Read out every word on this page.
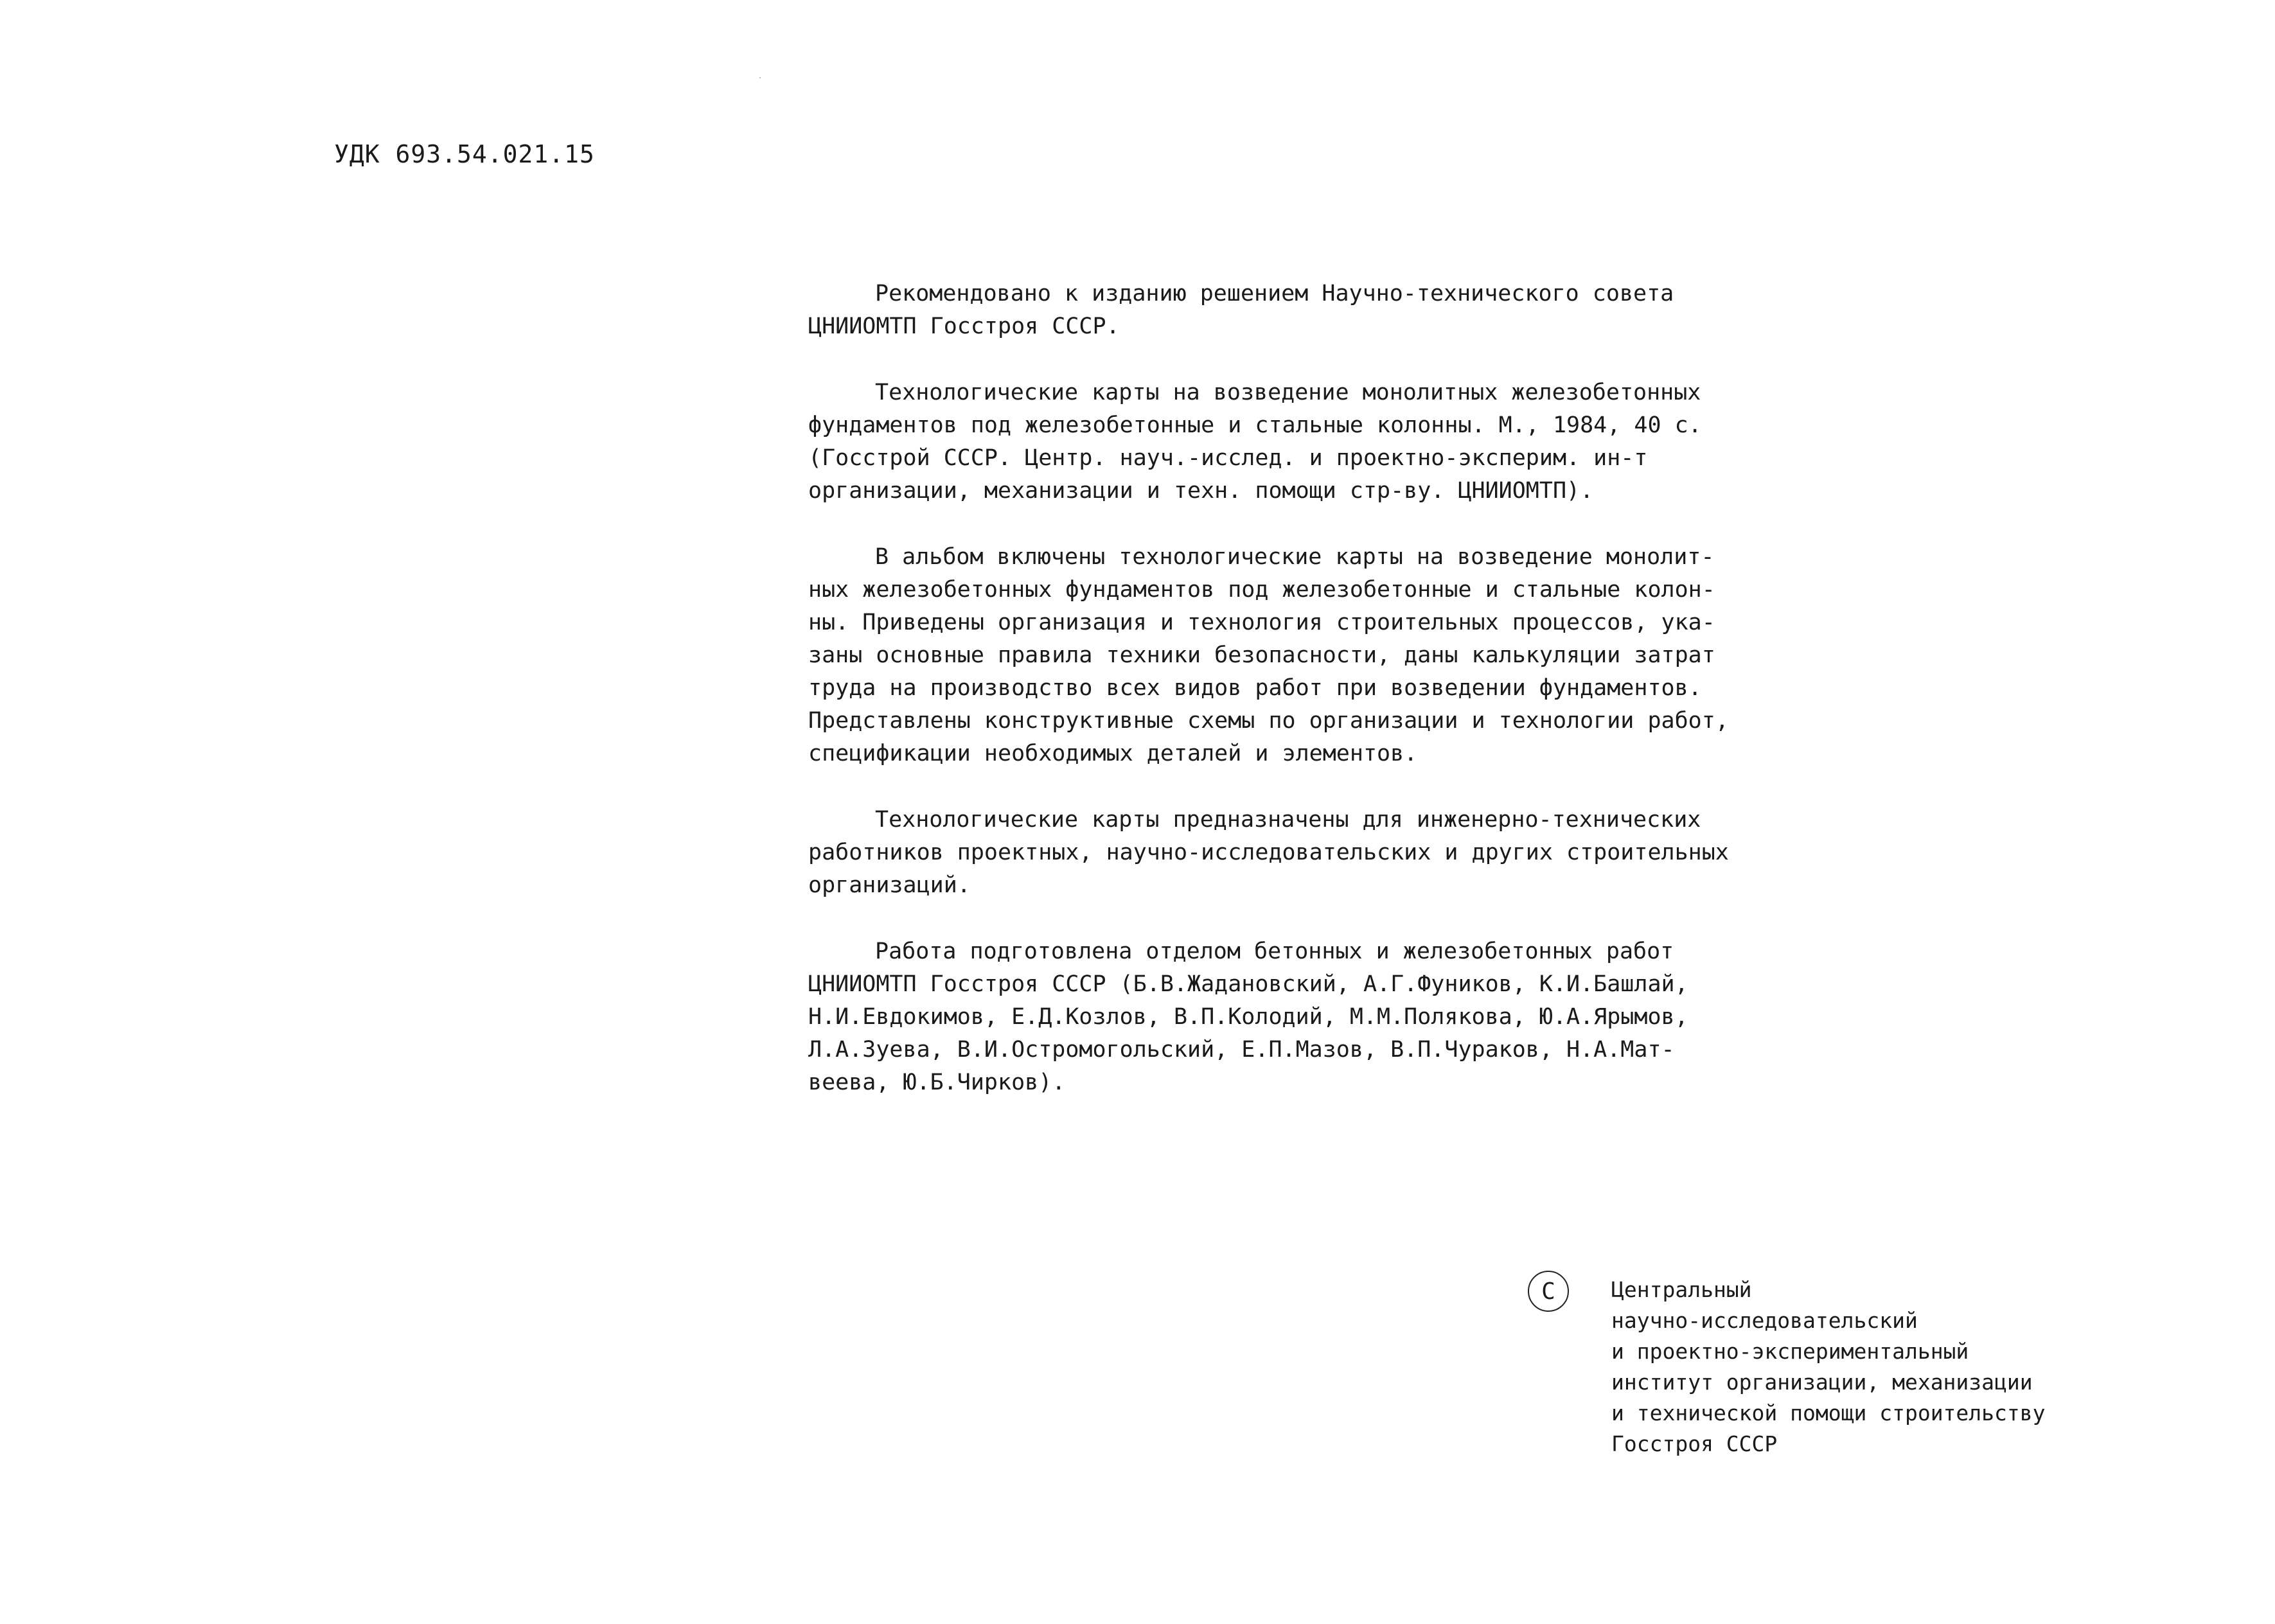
УДК 693.54.021.15
Рекомендовано к изданию решением Научно-технического совета
ЦНИИОМТП Госстроя СССР.
Технологические карты на возведение монолитных железобетонных
фундаментов под железобетонные и стальные колонны. М., 1984, 40 с.
(Госстрой СССР. Центр. науч.-исслед. и проектно-эксперим. ин-т
организации, механизации и техн. помощи стр-ву. ЦНИИОМТП).
В альбом включены технологические карты на возведение монолит-
ных железобетонных фундаментов под железобетонные и стальные колон-
ны. Приведены организация и технология строительных процессов, ука-
заны основные правила техники безопасности, даны калькуляции затрат
труда на производство всех видов работ при возведении фундаментов.
Представлены конструктивные схемы по организации и технологии работ,
спецификации необходимых деталей и элементов.
Технологические карты предназначены для инженерно-технических
работников проектных, научно-исследовательских и других строительных
организаций.
Работа подготовлена отделом бетонных и железобетонных работ
ЦНИИОМТП Госстроя СССР (Б.В.Жадановский, А.Г.Фуников, К.И.Башлай,
Н.И.Евдокимов, Е.Д.Козлов, В.П.Колодий, М.М.Полякова, Ю.А.Ярымов,
Л.А.Зуева, В.И.Остромогольский, Е.П.Мазов, В.П.Чураков, Н.А.Мат-
веева, Ю.Б.Чирков).
C	Центральный
научно-исследовательский
и проектно-экспериментальный
институт организации, механизации
и технической помощи строительству
Госстроя СССР
